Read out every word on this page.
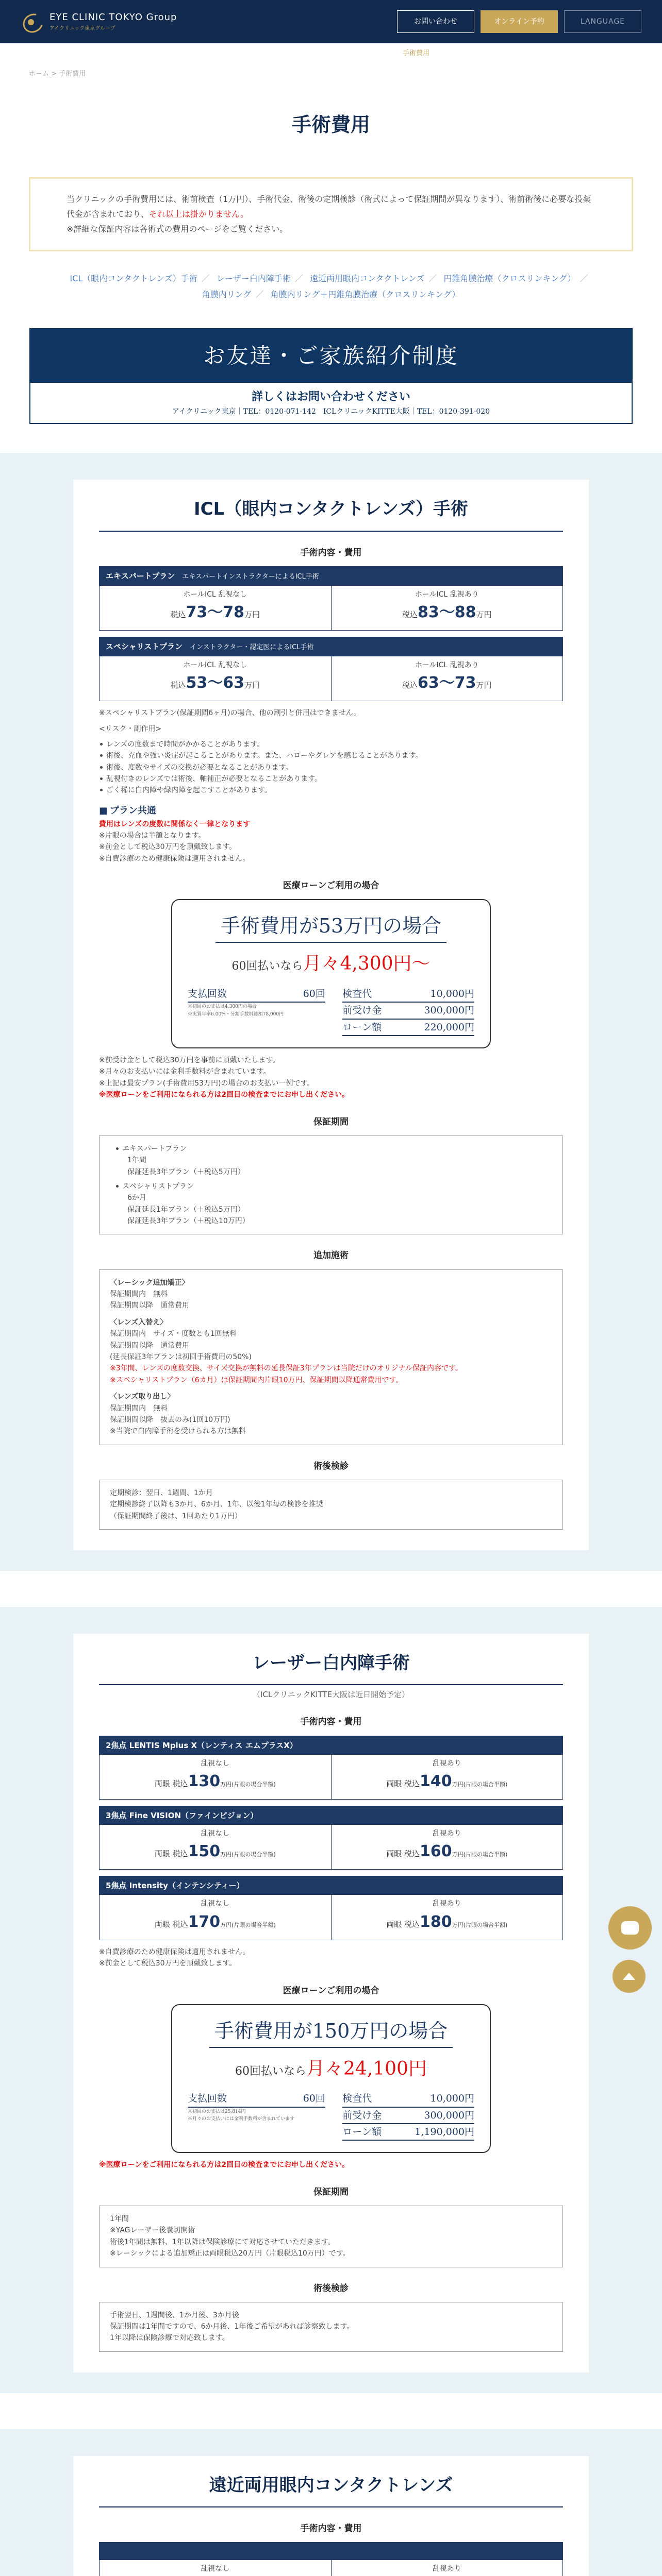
EYE CLINIC TOKYO Group
アイクリニック東京グループ
お問い合わせ	オンライン予約	LANGUAGE
手術費用
ホーム > 手術費用
手術費用
当クリニックの手術費用には、術前検査（1万円）、手術代金、術後の定期検診（術式によって保証期間が異なります）、術前術後に必要な投薬代金が含まれており、それ以上は掛かりません。
※詳細な保証内容は各術式の費用のページをご覧ください。
ICL（眼内コンタクトレンズ）手術 ／ レーザー白内障手術 ／ 遠近両用眼内コンタクトレンズ ／ 円錐角膜治療（クロスリンキング） ／
角膜内リング ／ 角膜内リング＋円錐角膜治療（クロスリンキング）
お友達・ご家族紹介制度
詳しくはお問い合わせください
アイクリニック東京｜TEL：0120-071-142　ICLクリニックKITTE大阪｜TEL：0120-391-020
ICL（眼内コンタクトレンズ）手術
手術内容・費用
エキスパートプラン エキスパートインストラクターによるICL手術
ホールICL 乱視なし
税込73〜78万円
ホールICL 乱視あり
税込83〜88万円
スペシャリストプラン インストラクター・認定医によるICL手術
ホールICL 乱視なし
税込53〜63万円
ホールICL 乱視あり
税込63〜73万円
※スペシャリストプラン(保証期間6ヶ月)の場合、他の割引と併用はできません。
<リスク・副作用>
レンズの度数まで時間がかかることがあります。
術後、充血や強い炎症が起こることがあります。また、ハローやグレアを感じることがあります。
術後、度数やサイズの交換が必要となることがあります。
乱視付きのレンズでは術後、軸補正が必要となることがあります。
ごく稀に白内障や緑内障を起こすことがあります。
■ プラン共通
費用はレンズの度数に関係なく一律となります
※片眼の場合は半額となります。
※前金として税込30万円を頂戴致します。
※自費診療のため健康保険は適用されません。
医療ローンご利用の場合
手術費用が53万円の場合
60回払いなら月々4,300円〜
支払回数	60回
※初回のお支払は4,300円の場合
※実質年率6.00%・分割手数料総額78,000円
検査代	10,000円
前受け金	300,000円
ローン額	220,000円
※前受け金として税込30万円を事前に頂戴いたします。
※月々のお支払いには金利手数料が含まれています。
※上記は最安プラン(手術費用53万円)の場合のお支払い一例です。
※医療ローンをご利用になられる方は2回目の検査までにお申し出ください。
保証期間
エキスパートプラン
1年間
保証延長3年プラン（＋税込5万円）
スペシャリストプラン
6か月
保証延長1年プラン（＋税込5万円）
保証延長3年プラン（＋税込10万円）
追加施術
〈レーシック追加矯正〉
保証期間内　無料
保証期間以降　通常費用
〈レンズ入替え〉
保証期間内　サイズ・度数とも1回無料
保証期間以降　通常費用
(延長保証3年プランは初回手術費用の50%)
※3年間、レンズの度数交換、サイズ交換が無料の延長保証3年プランは当院だけのオリジナル保証内容です。
※スペシャリストプラン（6カ月）は保証期間内片眼10万円、保証期間以降通常費用です。
〈レンズ取り出し〉
保証期間内　無料
保証期間以降　抜去のみ(1回10万円)
※当院で白内障手術を受けられる方は無料
術後検診
定期検診：翌日、1週間、1か月
定期検診終了以降も3か月、6か月、1年、以後1年毎の検診を推奨
（保証期間終了後は、1回あたり1万円）
レーザー白内障手術
（ICLクリニックKITTE大阪は近日開始予定）
手術内容・費用
2焦点 LENTIS Mplus X（レンティス エムプラスX）
乱視なし
両眼 税込130万円(片眼の場合半額)
乱視あり
両眼 税込140万円(片眼の場合半額)
3焦点 Fine VISION（ファインビジョン）
乱視なし
両眼 税込150万円(片眼の場合半額)
乱視あり
両眼 税込160万円(片眼の場合半額)
5焦点 Intensity（インテンシティー）
乱視なし
両眼 税込170万円(片眼の場合半額)
乱視あり
両眼 税込180万円(片眼の場合半額)
※自費診療のため健康保険は適用されません。
※前金として税込30万円を頂戴致します。
医療ローンご利用の場合
手術費用が150万円の場合
60回払いなら月々24,100円
支払回数	60回
※初回のお支払は25,814円
※月々のお支払いには金利手数料が含まれています
検査代	10,000円
前受け金	300,000円
ローン額	1,190,000円
※医療ローンをご利用になられる方は2回目の検査までにお申し出ください。
保証期間
1年間
※YAGレーザー後嚢切開術
術後1年間は無料、1年以降は保険診療にて対応させていただきます。
※レーシックによる追加矯正は両眼税込20万円（片眼税込10万円）です。
術後検診
手術翌日、1週間後、1か月後、3か月後
保証期間は1年間ですので、6か月後、1年後ご希望があれば診察致します。
1年以降は保険診療で対応致します。
遠近両用眼内コンタクトレンズ
手術内容・費用
乱視なし	乱視あり
